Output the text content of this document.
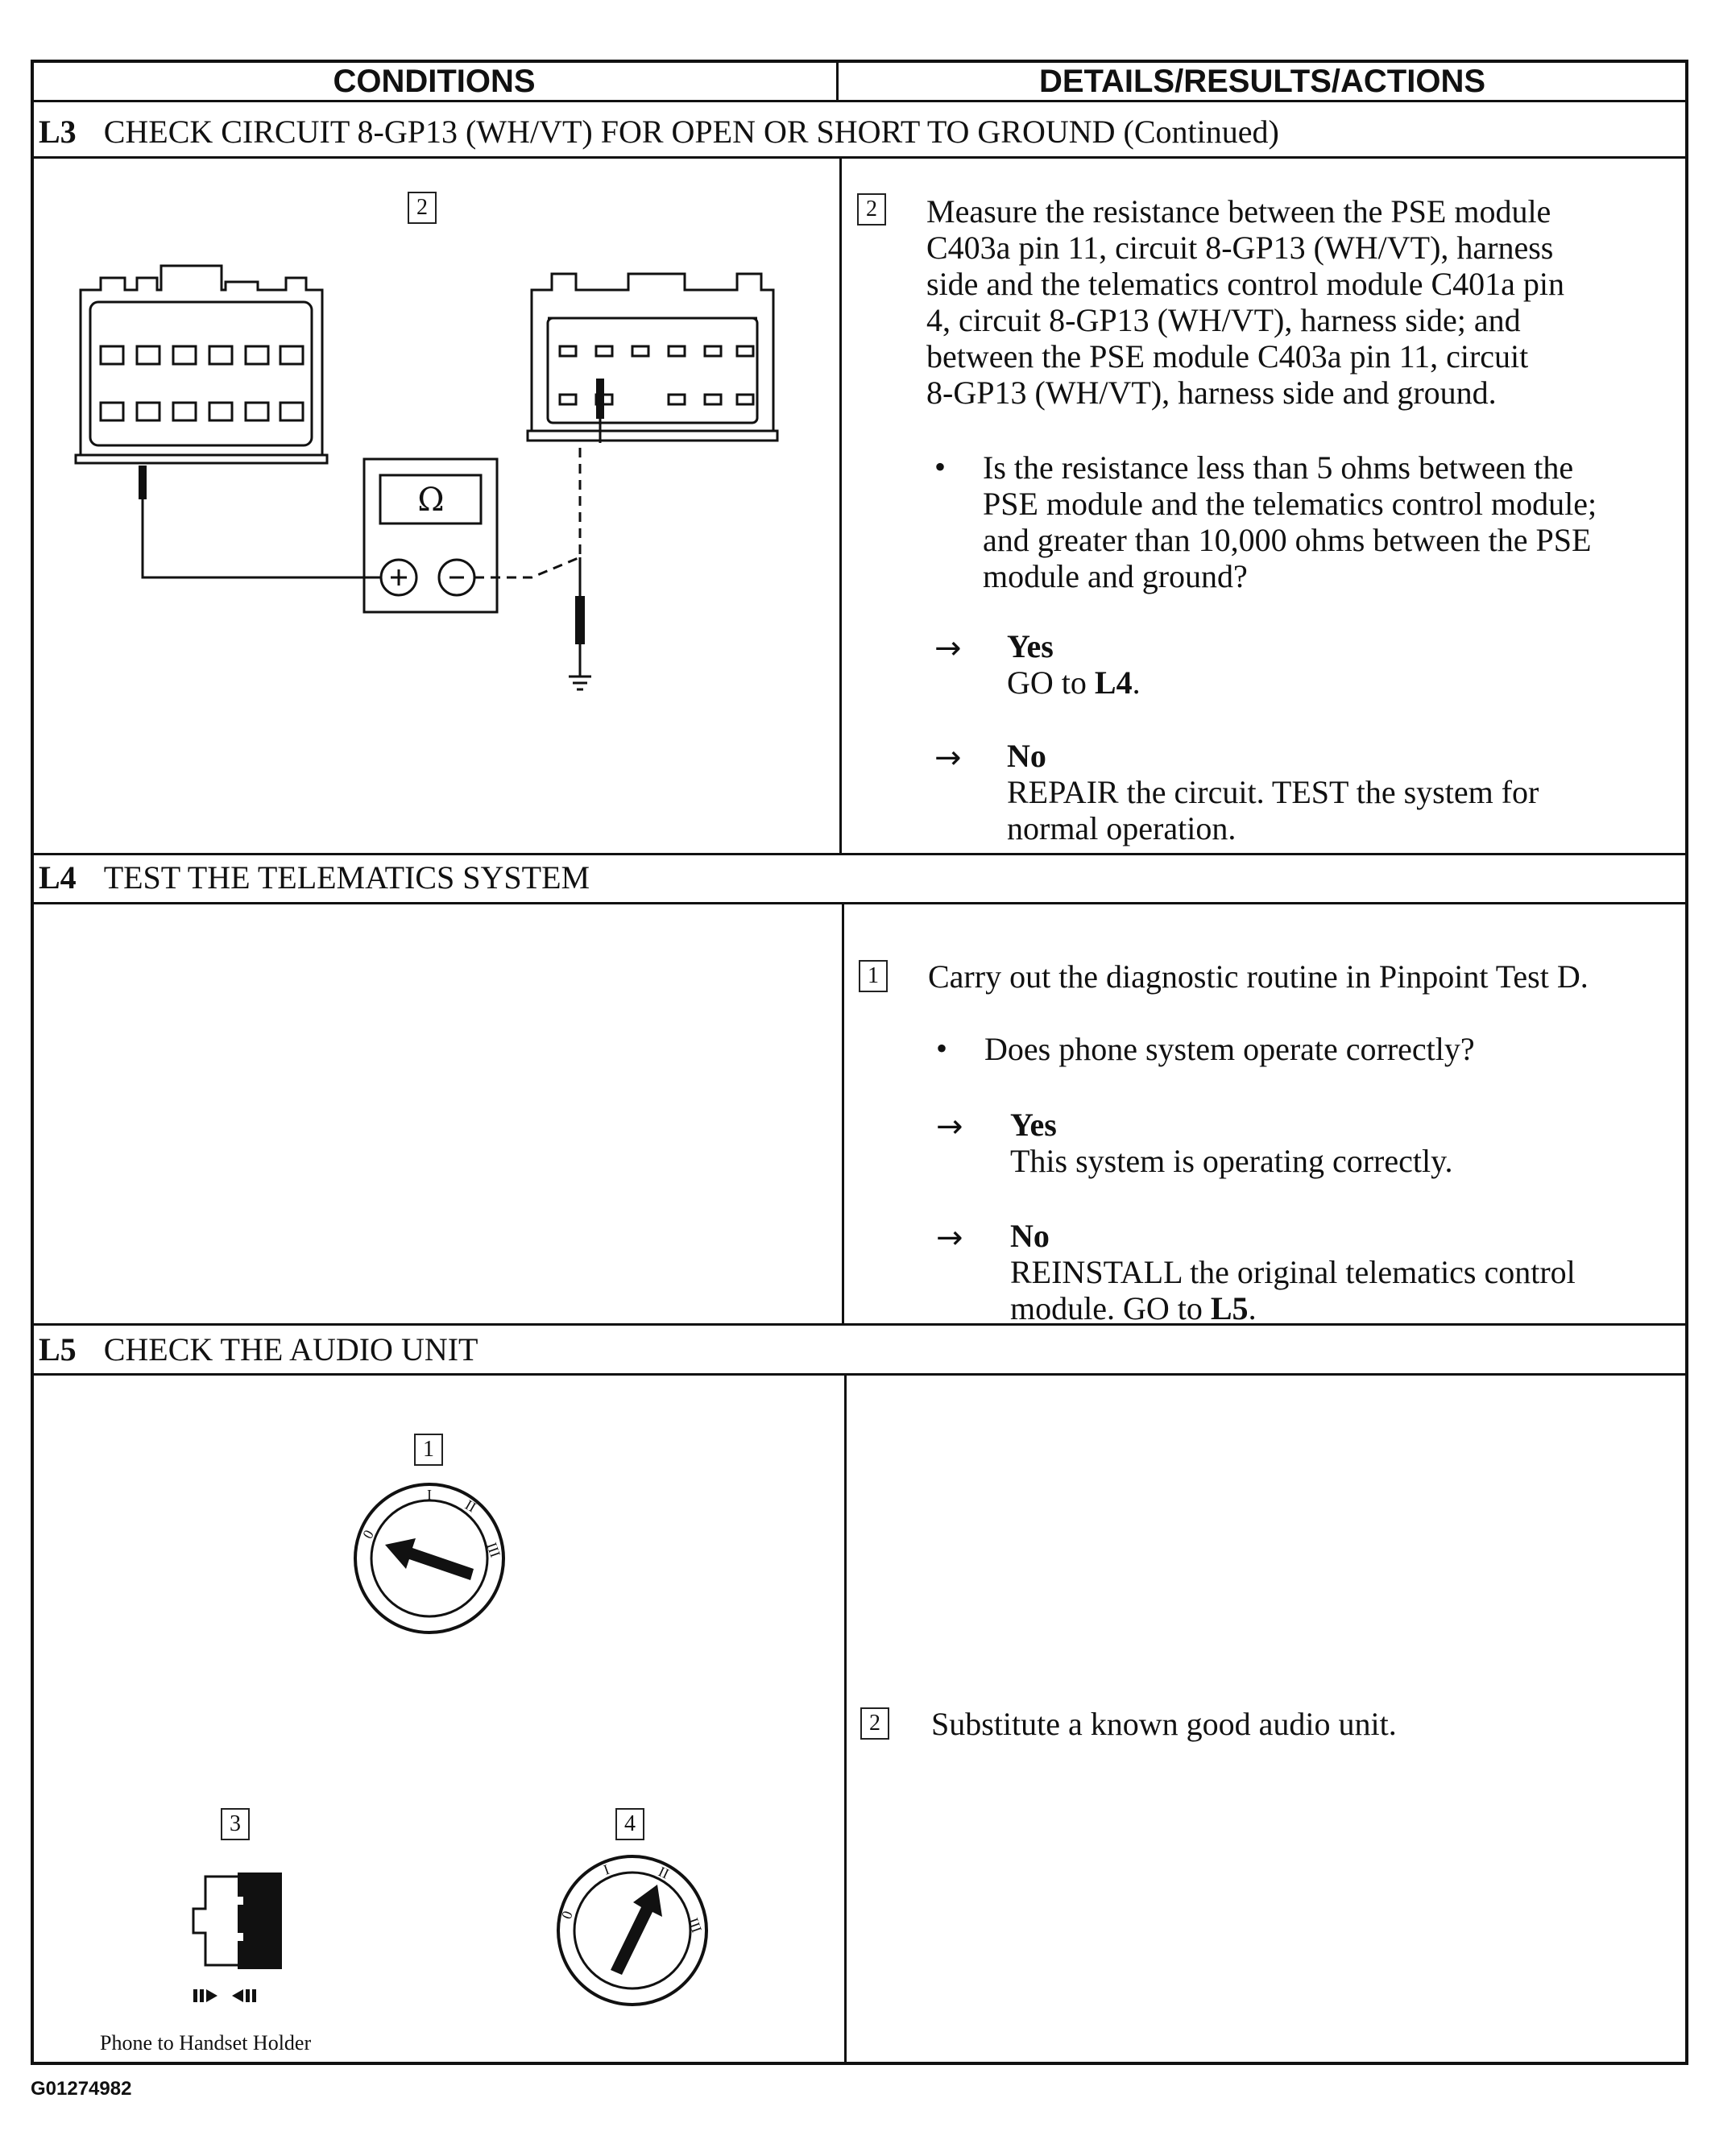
CONDITIONS	DETAILS/RESULTS/ACTIONS
L3 CHECK CIRCUIT 8-GP13 (WH/VT) FOR OPEN OR SHORT TO GROUND (Continued)
2
Ω
2 Measure the resistance between the PSE module
C403a pin 11, circuit 8-GP13 (WH/VT), harness
side and the telematics control module C401a pin
4, circuit 8-GP13 (WH/VT), harness side; and
between the PSE module C403a pin 11, circuit
8-GP13 (WH/VT), harness side and ground.
• Is the resistance less than 5 ohms between the
PSE module and the telematics control module;
and greater than 10,000 ohms between the PSE
module and ground?
→ Yes
GO to L4.
→ No
REPAIR the circuit. TEST the system for
normal operation.
L4 TEST THE TELEMATICS SYSTEM
1 Carry out the diagnostic routine in Pinpoint Test D.
• Does phone system operate correctly?
→ Yes
This system is operating correctly.
→ No
REINSTALL the original telematics control
module. GO to L5.
L5 CHECK THE AUDIO UNIT
1
0
I
II
III
3
Phone to Handset Holder
4
0
I	II
III
2 Substitute a known good audio unit.
G01274982
